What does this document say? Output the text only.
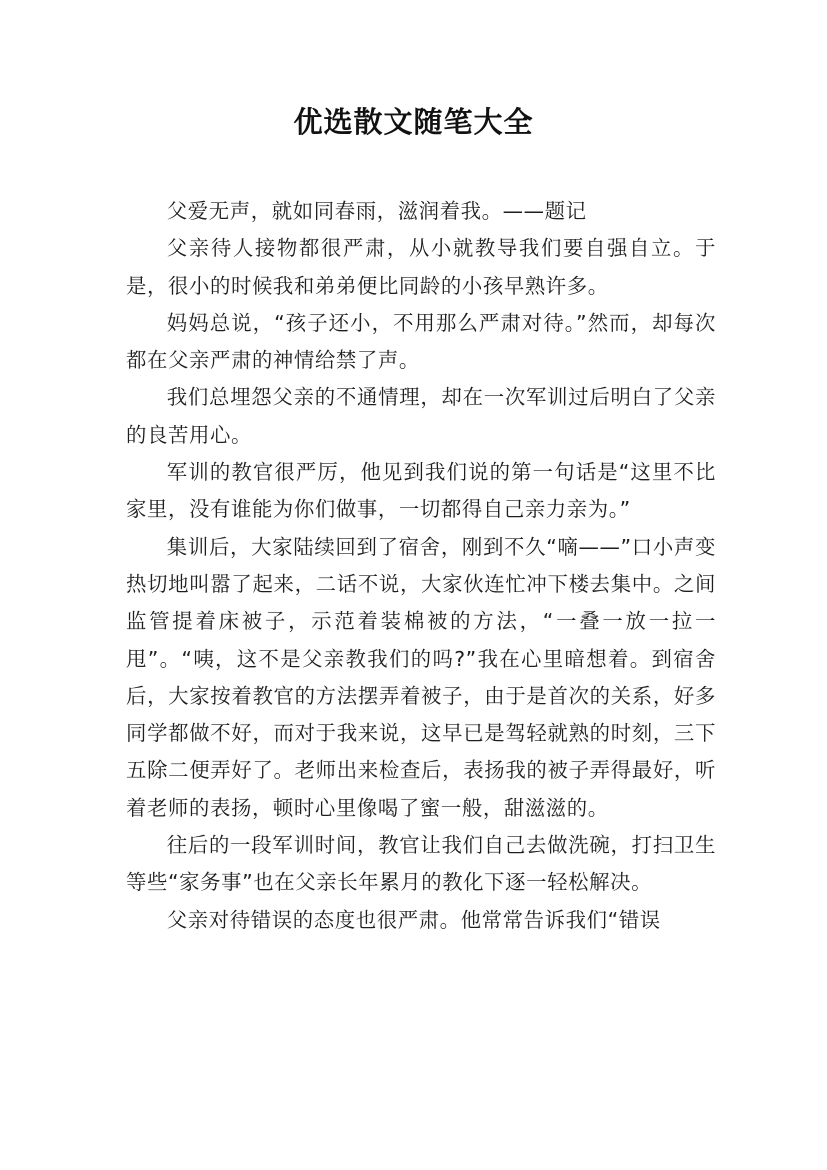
优选散文随笔大全

父爱无声，就如同春雨，滋润着我。——题记

父亲待人接物都很严肃，从小就教导我们要自强自立。于是，很小的时候我和弟弟便比同龄的小孩早熟许多。

妈妈总说，“孩子还小，不用那么严肃对待。”然而，却每次都在父亲严肃的神情给禁了声。

我们总埋怨父亲的不通情理，却在一次军训过后明白了父亲的良苦用心。

军训的教官很严厉，他见到我们说的第一句话是“这里不比家里，没有谁能为你们做事，一切都得自己亲力亲为。”

集训后，大家陆续回到了宿舍，刚到不久“嘀——”口小声变热切地叫嚣了起来，二话不说，大家伙连忙冲下楼去集中。之间监管提着床被子，示范着装棉被的方法，“一叠一放一拉一甩”。“咦，这不是父亲教我们的吗?”我在心里暗想着。到宿舍后，大家按着教官的方法摆弄着被子，由于是首次的关系，好多同学都做不好，而对于我来说，这早已是驾轻就熟的时刻，三下五除二便弄好了。老师出来检查后，表扬我的被子弄得最好，听着老师的表扬，顿时心里像喝了蜜一般，甜滋滋的。

往后的一段军训时间，教官让我们自己去做洗碗，打扫卫生等些“家务事”也在父亲长年累月的教化下逐一轻松解决。

父亲对待错误的态度也很严肃。他常常告诉我们“错误
